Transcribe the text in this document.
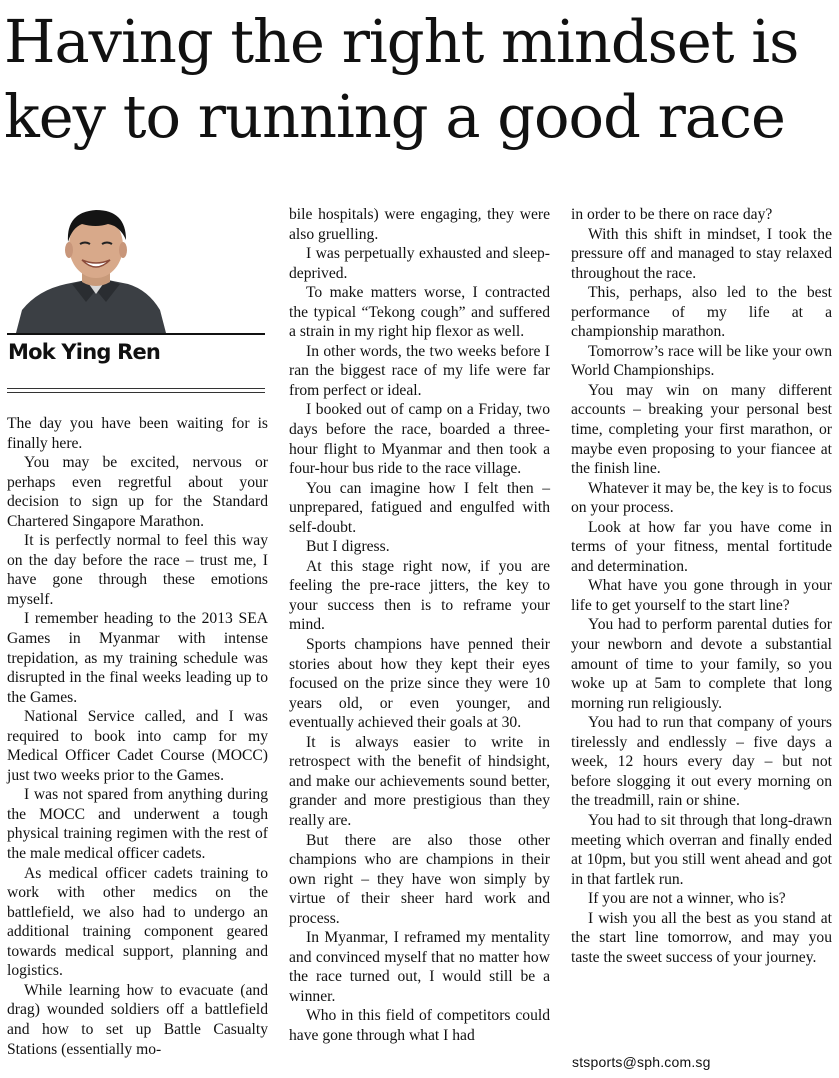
Having the right mindset is
key to running a good race
Mok Ying Ren

The day you have been waiting for is finally here.

You may be excited, nervous or perhaps even regretful about your decision to sign up for the Standard Chartered Singapore Marathon.

It is perfectly normal to feel this way on the day before the race – trust me, I have gone through these emotions myself.

I remember heading to the 2013 SEA Games in Myanmar with intense trepidation, as my training schedule was disrupted in the final weeks leading up to the Games.

National Service called, and I was required to book into camp for my Medical Officer Cadet Course (MOCC) just two weeks prior to the Games.

I was not spared from anything during the MOCC and underwent a tough physical training regimen with the rest of the male medical officer cadets.

As medical officer cadets training to work with other medics on the battlefield, we also had to undergo an additional training component geared towards medical support, planning and logistics.

While learning how to evacuate (and drag) wounded soldiers off a battlefield and how to set up Battle Casualty Stations (essentially mo-

bile hospitals) were engaging, they were also gruelling.

I was perpetually exhausted and sleep-deprived.

To make matters worse, I contracted the typical “Tekong cough” and suffered a strain in my right hip flexor as well.

In other words, the two weeks before I ran the biggest race of my life were far from perfect or ideal.

I booked out of camp on a Friday, two days before the race, boarded a three-hour flight to Myanmar and then took a four-hour bus ride to the race village.

You can imagine how I felt then – unprepared, fatigued and engulfed with self-doubt.

But I digress.

At this stage right now, if you are feeling the pre-race jitters, the key to your success then is to reframe your mind.

Sports champions have penned their stories about how they kept their eyes focused on the prize since they were 10 years old, or even younger, and eventually achieved their goals at 30.

It is always easier to write in retrospect with the benefit of hindsight, and make our achievements sound better, grander and more prestigious than they really are.

But there are also those other champions who are champions in their own right – they have won simply by virtue of their sheer hard work and process.

In Myanmar, I reframed my mentality and convinced myself that no matter how the race turned out, I would still be a winner.

Who in this field of competitors could have gone through what I had

in order to be there on race day?

With this shift in mindset, I took the pressure off and managed to stay relaxed throughout the race.

This, perhaps, also led to the best performance of my life at a championship marathon.

Tomorrow’s race will be like your own World Championships.

You may win on many different accounts – breaking your personal best time, completing your first marathon, or maybe even proposing to your fiancee at the finish line.

Whatever it may be, the key is to focus on your process.

Look at how far you have come in terms of your fitness, mental fortitude and determination.

What have you gone through in your life to get yourself to the start line?

You had to perform parental duties for your newborn and devote a substantial amount of time to your family, so you woke up at 5am to complete that long morning run religiously.

You had to run that company of yours tirelessly and endlessly – five days a week, 12 hours every day – but not before slogging it out every morning on the treadmill, rain or shine.

You had to sit through that long-drawn meeting which overran and finally ended at 10pm, but you still went ahead and got in that fartlek run.

If you are not a winner, who is?

I wish you all the best as you stand at the start line tomorrow, and may you taste the sweet success of your journey.

stsports@sph.com.sg
